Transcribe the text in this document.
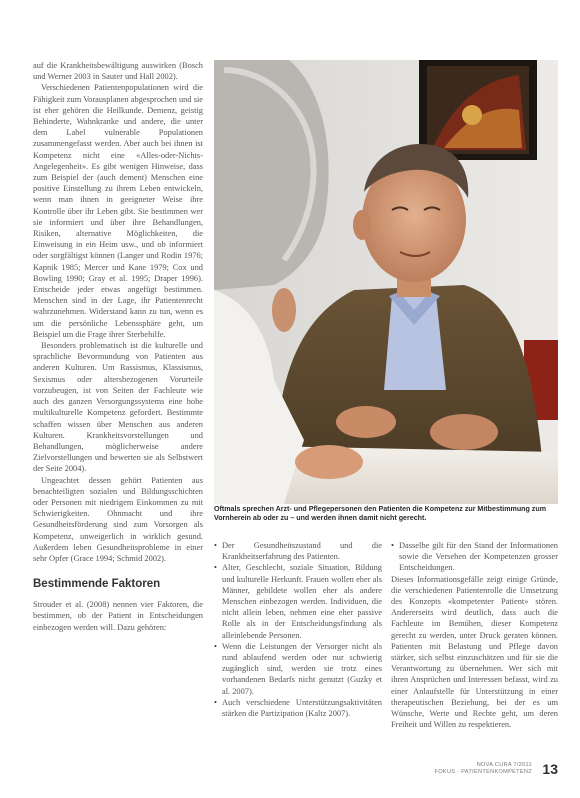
auf die Krankheitsbewältigung auswirken (Bosch und Werner 2003 in Sauter und Hall 2002).

Verschiedenen Patientenpopulationen wird die Fähigkeit zum Vorausplanen abgesprochen und sie ist eher gehören die Heilkunde. Demenz, geistig Behinderte, Wahnkranke und andere, die unter dem Label vulnerable Populationen zusammengefasst werden. Aber auch bei ihnen ist Kompetenz nicht eine «Alles-oder-Nichts-Angelegenheit». Es gibt wenigen Hinweise, dass zum Beispiel der (auch dement) Menschen eine positive Einstellung zu ihrem Leben entwickeln, wenn man ihnen in geeigneter Weise ihre Kontrolle über ihr Leben gibt. Sie bestimmen wer sie informiert und über ihre Behandlungen, Risiken, alternative Möglichkeiten, die Einweisung in ein Heim usw., und ob informiert oder sorgfältigst können (Langer und Rodin 1976; Kapnik 1985; Mercer und Kane 1979; Cox und Bowling 1990; Gray et al. 1995; Draper 1996). Entscheide jeder etwas angefügt bestimmen. Menschen sind in der Lage, ihr Patientenrecht wahrzunehmen. Widerstand kann zu tun, wenn es um die persönliche Lebenssphäre geht, um Beispiel um die Frage ihrer Sterbehilfe.

Besonders problematisch ist die kulturelle und sprachliche Bevormundung von Patienten aus anderen Kulturen. Um Rassismus, Klassismus, Sexismus oder altersbezogenen Vorurteile vorzubeugen, ist von Seiten der Fachleute wie auch des ganzen Versorgungssystems eine hohe multikulturelle Kompetenz gefordert. Bestimmte schaffen wissen über Menschen aus anderen Kulturen. Krankheitsvorstellungen und Behandlungen, möglicherweise andere Zielvorstellungen und bewerten sie als Selbstwert der Seite 2004).

Ungeachtet dessen gehört Patienten aus benachteiligten sozialen und Bildungsschichten oder Personen mit niedrigem Einkommen zu mit Schwierigkeiten. Ohnmacht und ihre Gesundheitsförderung sind zum Vorsorgen als Kompetenz, unweigerlich in wirklich gesund. Außerdem leben Gesundheitsprobleme in einer sehr Opfer (Grace 1994; Schmid 2002).

Bestimmende Faktoren

Strouder et al. (2008) nennen vier Faktoren, die bestimmen, ob der Patient in Entscheidungen einbezogen werden will. Dazu gehören:

Oftmals sprechen Arzt- und Pflegepersonen den Patienten die Kompetenz zur Mitbestimmung zum Vornherein ab oder zu – und werden ihnen damit nicht gerecht.
• Der Gesundheitszustand und die Krankheitserfahrung des Patienten.
• Alter, Geschlecht, soziale Situation, Bildung und kulturelle Herkunft. Frauen wollen eher als Männer, gebildete wollen eher als andere Menschen einbezogen werden. Individuen, die nicht allein leben, nehmen eine eher passive Rolle als in der Entscheidungsfindung als alleinlebende Personen.
• Wenn die Leistungen der Versorger nicht als rund ablaufend werden oder nur schwierig zugänglich sind, werden sie trotz eines vorhandenen Bedarfs nicht genutzt (Guzky et al. 2007).
• Auch verschiedene Unterstützungsaktivitäten stärken die Partizipation (Kaltz 2007).
• Dasselbe gilt für den Stand der Informationen sowie die Versehen der Kompetenzen grosser Entscheidungen.

Dieses Informationsgefälle zeigt einige Gründe, die verschiedenen Patientenrolle die Umsetzung des Konzepts «kompetenter Patient» stören. Andererseits wird deutlich, dass auch die Fachleute im Bemühen, dieser Kompetenz gerecht zu werden, unter Druck geraten können. Patienten mit Belastung und Pflege davon stärker, sich selbst einzuschätzen und für sie die Verantwortung zu übernehmen. Wer sich mit ihren Ansprüchen und Interessen befasst, wird zu einer Anlaufstelle für Unterstützung in einer therapeutischen Beziehung, bei der es um Wünsche, Werte und Rechte geht, um deren Freiheit und Willen zu respektieren.

NOVA CURA 7/2011
FOKUS · PATIENTENKOMPETENZ 13
